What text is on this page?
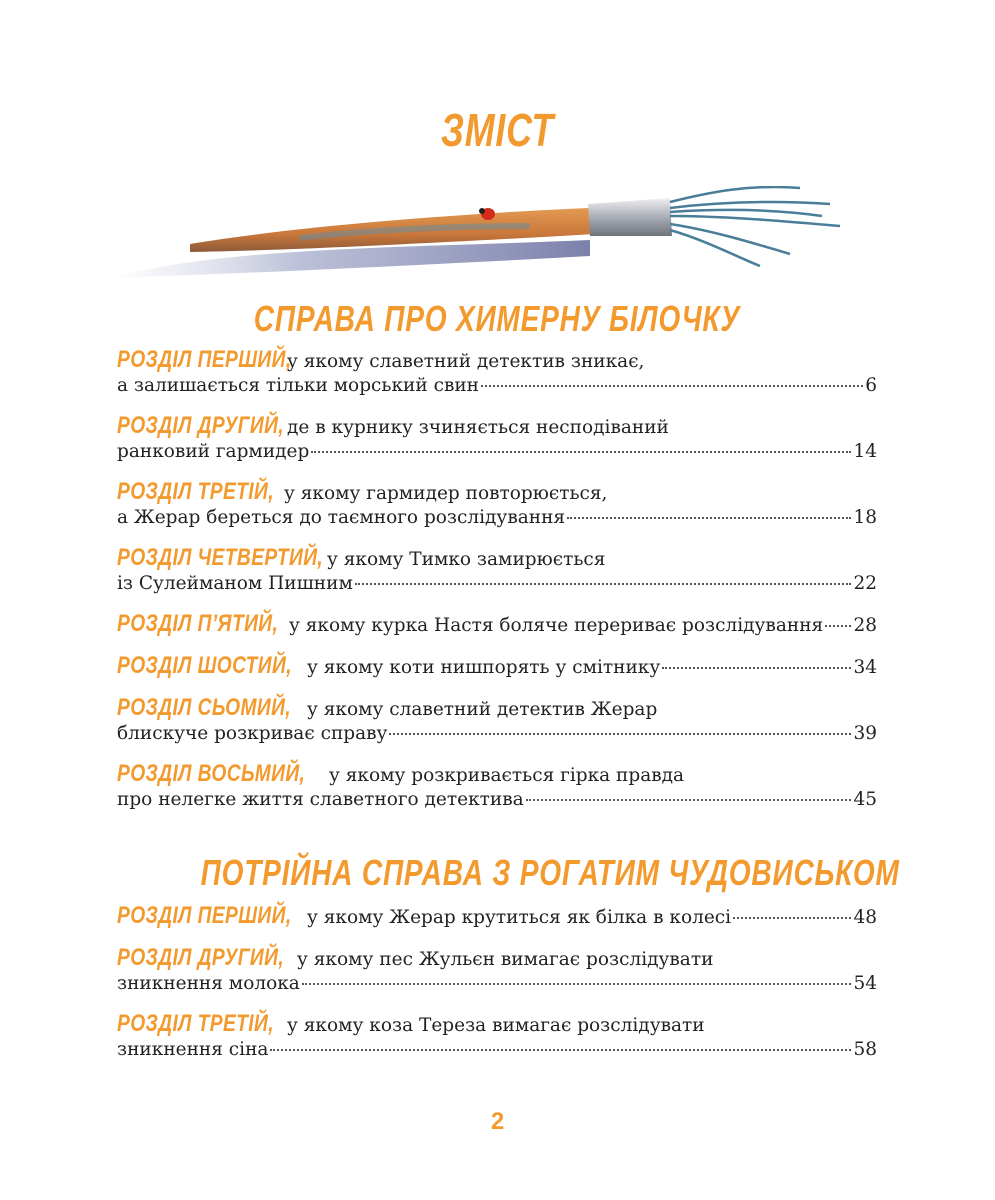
ЗМІСТ
СПРАВА ПРО ХИМЕРНУ БІЛОЧКУ
РОЗДІЛ ПЕРШИЙ,
у якому славетний детектив зникає,
а залишається тільки морський свин	6
РОЗДІЛ ДРУГИЙ, де в курнику зчиняється несподіваний
ранковий гармидер	14
РОЗДІЛ ТРЕТІЙ, у якому гармидер повторюється,
а Жерар береться до таємного розслідування	18
РОЗДІЛ ЧЕТВЕРТИЙ, у якому Тимко замирюється
із Сулейманом Пишним	22
РОЗДІЛ П’ЯТИЙ, у якому курка Настя боляче перериває розслідування 28
РОЗДІЛ ШОСТИЙ, у якому коти нишпорять у смітнику	34
РОЗДІЛ СЬОМИЙ, у якому славетний детектив Жерар
блискуче розкриває справу	39
РОЗДІЛ ВОСЬМИЙ,	у якому розкривається гірка правда
про нелегке життя славетного детектива	45
ПОТРІЙНА СПРАВА З РОГАТИМ ЧУДОВИСЬКОМ
РОЗДІЛ ПЕРШИЙ, у якому Жерар крутиться як білка в колесі	48
РОЗДІЛ ДРУГИЙ, у якому пес Жульєн вимагає розслідувати
зникнення молока	54
РОЗДІЛ ТРЕТІЙ, у якому коза Тереза вимагає розслідувати
зникнення сіна	58
2
